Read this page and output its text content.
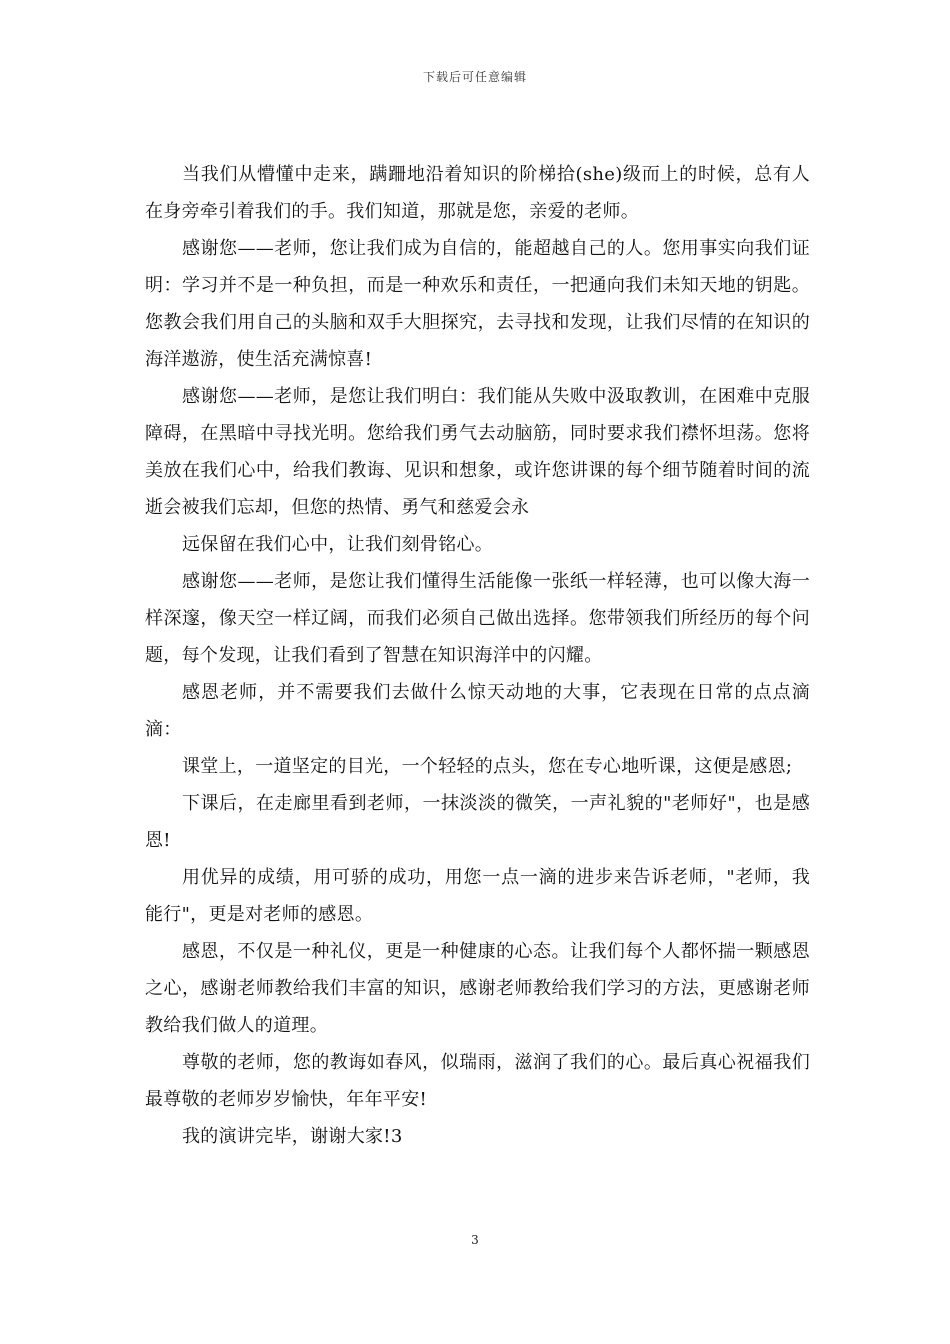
下载后可任意编辑

当我们从懵懂中走来，蹒跚地沿着知识的阶梯拾(she)级而上的时候，总有人在身旁牵引着我们的手。我们知道，那就是您，亲爱的老师。

感谢您——老师，您让我们成为自信的，能超越自己的人。您用事实向我们证明：学习并不是一种负担，而是一种欢乐和责任，一把通向我们未知天地的钥匙。您教会我们用自己的头脑和双手大胆探究，去寻找和发现，让我们尽情的在知识的海洋遨游，使生活充满惊喜!

感谢您——老师，是您让我们明白：我们能从失败中汲取教训，在困难中克服障碍，在黑暗中寻找光明。您给我们勇气去动脑筋，同时要求我们襟怀坦荡。您将美放在我们心中，给我们教诲、见识和想象，或许您讲课的每个细节随着时间的流逝会被我们忘却，但您的热情、勇气和慈爱会永

远保留在我们心中，让我们刻骨铭心。

感谢您——老师，是您让我们懂得生活能像一张纸一样轻薄，也可以像大海一样深邃，像天空一样辽阔，而我们必须自己做出选择。您带领我们所经历的每个问题，每个发现，让我们看到了智慧在知识海洋中的闪耀。

感恩老师，并不需要我们去做什么惊天动地的大事，它表现在日常的点点滴滴：

课堂上，一道坚定的目光，一个轻轻的点头，您在专心地听课，这便是感恩;

下课后，在走廊里看到老师，一抹淡淡的微笑，一声礼貌的"老师好"，也是感恩!

用优异的成绩，用可骄的成功，用您一点一滴的进步来告诉老师，"老师，我能行"，更是对老师的感恩。

感恩，不仅是一种礼仪，更是一种健康的心态。让我们每个人都怀揣一颗感恩之心，感谢老师教给我们丰富的知识，感谢老师教给我们学习的方法，更感谢老师教给我们做人的道理。

尊敬的老师，您的教诲如春风，似瑞雨，滋润了我们的心。最后真心祝福我们最尊敬的老师岁岁愉快，年年平安!

我的演讲完毕，谢谢大家!3

3
